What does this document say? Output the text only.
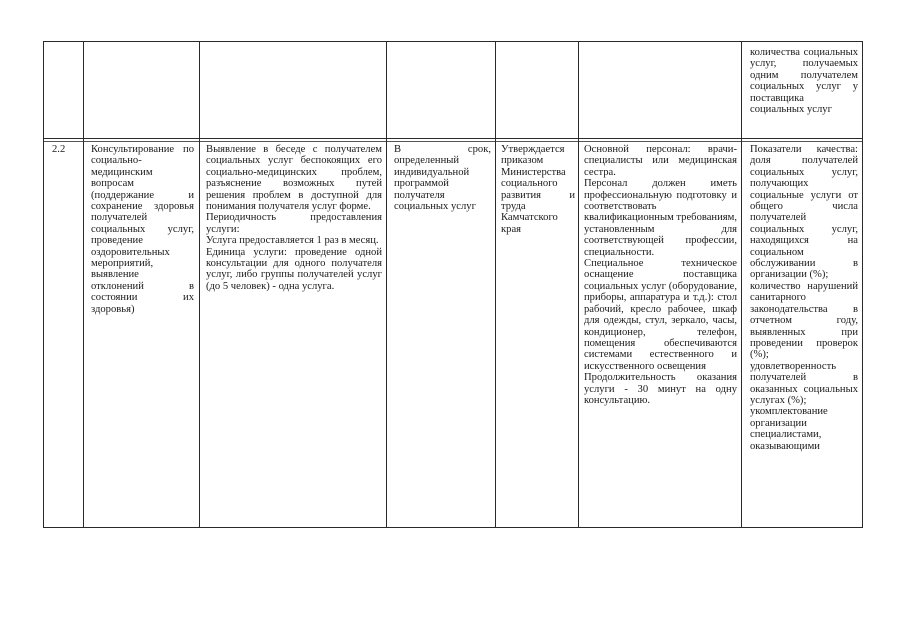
количества социальных услуг, получаемых одним получателем социальных услуг у поставщика социальных услуг

2.2	Консультирование по социально-медицинским вопросам (поддержание и сохранение здоровья получателей социальных услуг, проведение оздоровительных мероприятий, выявление отклонений в состоянии их здоровья)

Выявление в беседе с получателем социальных услуг беспокоящих его социально-медицинских проблем, разъяснение возможных путей решения проблем в доступной для понимания получателя услуг форме.

Периодичность предоставления услуги:

Услуга предоставляется 1 раз в месяц.

Единица услуги: проведение одной консультации для одного получателя услуг, либо группы получателей услуг (до 5 человек) - одна услуга.

В срок, определенный индивидуальной программой получателя социальных услуг

Утверждается приказом Министерства социального развития и труда Камчатского края

Основной персонал: врачи-специалисты или медицинская сестра.

Персонал должен иметь профессиональную подготовку и соответствовать квалификационным требованиям, установленным для соответствующей профессии, специальности.

Специальное техническое оснащение поставщика социальных услуг (оборудование, приборы, аппаратура и т.д.): стол рабочий, кресло рабочее, шкаф для одежды, стул, зеркало, часы, кондиционер, телефон, помещения обеспечиваются системами естественного и искусственного освещения

Продолжительность оказания услуги - 30 минут на одну консультацию.

Показатели качества: доля получателей социальных услуг, получающих социальные услуги от общего числа получателей социальных услуг, находящихся на социальном обслуживании в организации (%);

количество нарушений санитарного законодательства в отчетном году, выявленных при проведении проверок (%);

удовлетворенность получателей в оказанных социальных услугах (%);

укомплектование организации специалистами, оказывающими
